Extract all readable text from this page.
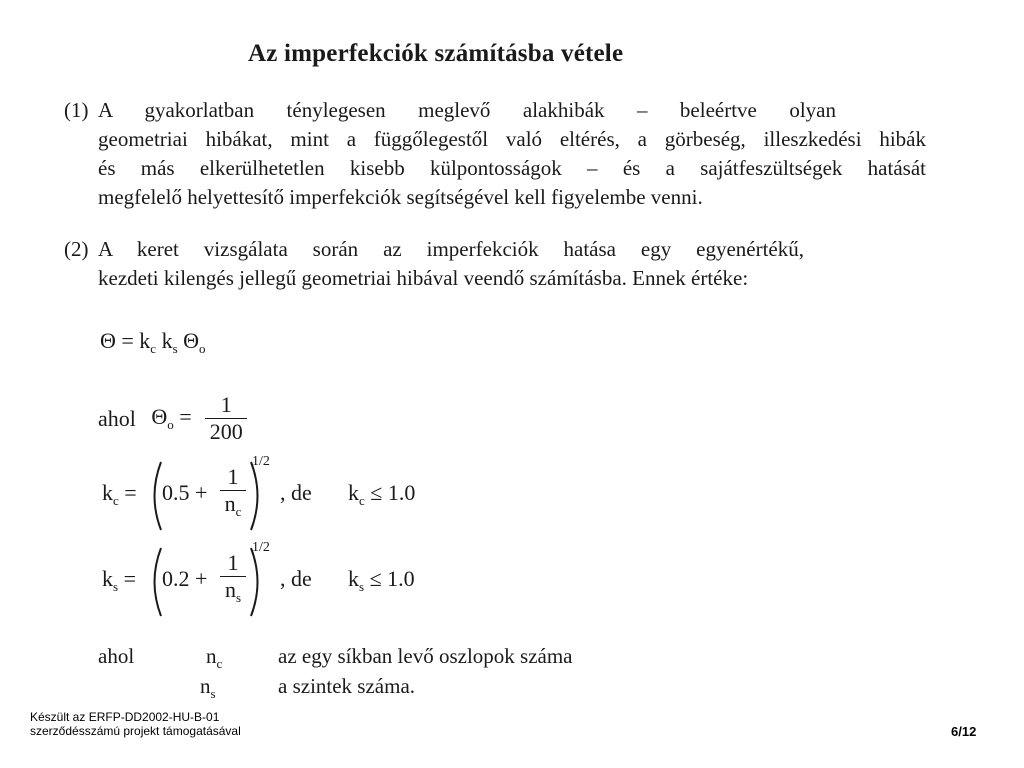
Az imperfekciók számításba vétele
(1) A gyakorlatban ténylegesen meglevő alakhibák – beleértve olyan
geometriai hibákat, mint a függőlegestől való eltérés, a görbeség, illeszkedési hibák
és más elkerülhetetlen kisebb külpontosságok – és a sajátfeszültségek hatását
megfelelő helyettesítő imperfekciók segítségével kell figyelembe venni.
(2) A keret vizsgálata során az imperfekciók hatása egy egyenértékű,
kezdeti kilengés jellegű geometriai hibával veendő számításba. Ennek értéke:
$\Theta = k_c$ $k_s$ $\Theta_o$
ahol $\Theta_o = \frac{1}{200}$
$k_c = 0.5$ +
1
$n_c$
1/2
, de $k_c \le 1.0$
$k_s = 0.2$ +
1
$n_s$
1/2
, de $k_s \le 1.0$
ahol	$n_c$	az egy síkban levő oszlopok száma
$n_s$	a szintek száma.
Készült az ERFP-DD2002-HU-B-01
szerződésszámú projekt támogatásával	6/12
